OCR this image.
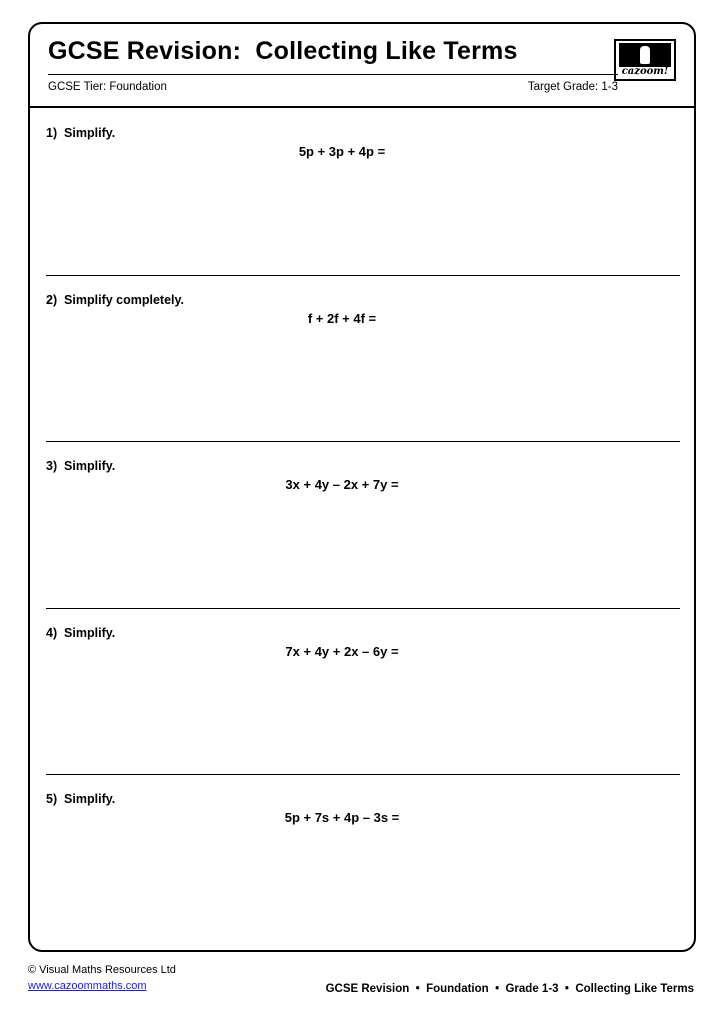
GCSE Revision:  Collecting Like Terms
cazoom!
GCSE Tier: Foundation	Target Grade: 1-3
1)  Simplify.
5p + 3p + 4p =
2)  Simplify completely.
f + 2f + 4f =
3)  Simplify.
3x + 4y – 2x + 7y =
4)  Simplify.
7x + 4y + 2x – 6y =
5)  Simplify.
5p + 7s + 4p – 3s =
© Visual Maths Resources Ltd
www.cazoommaths.com	GCSE Revision  •  Foundation  •  Grade 1-3  •  Collecting Like Terms
